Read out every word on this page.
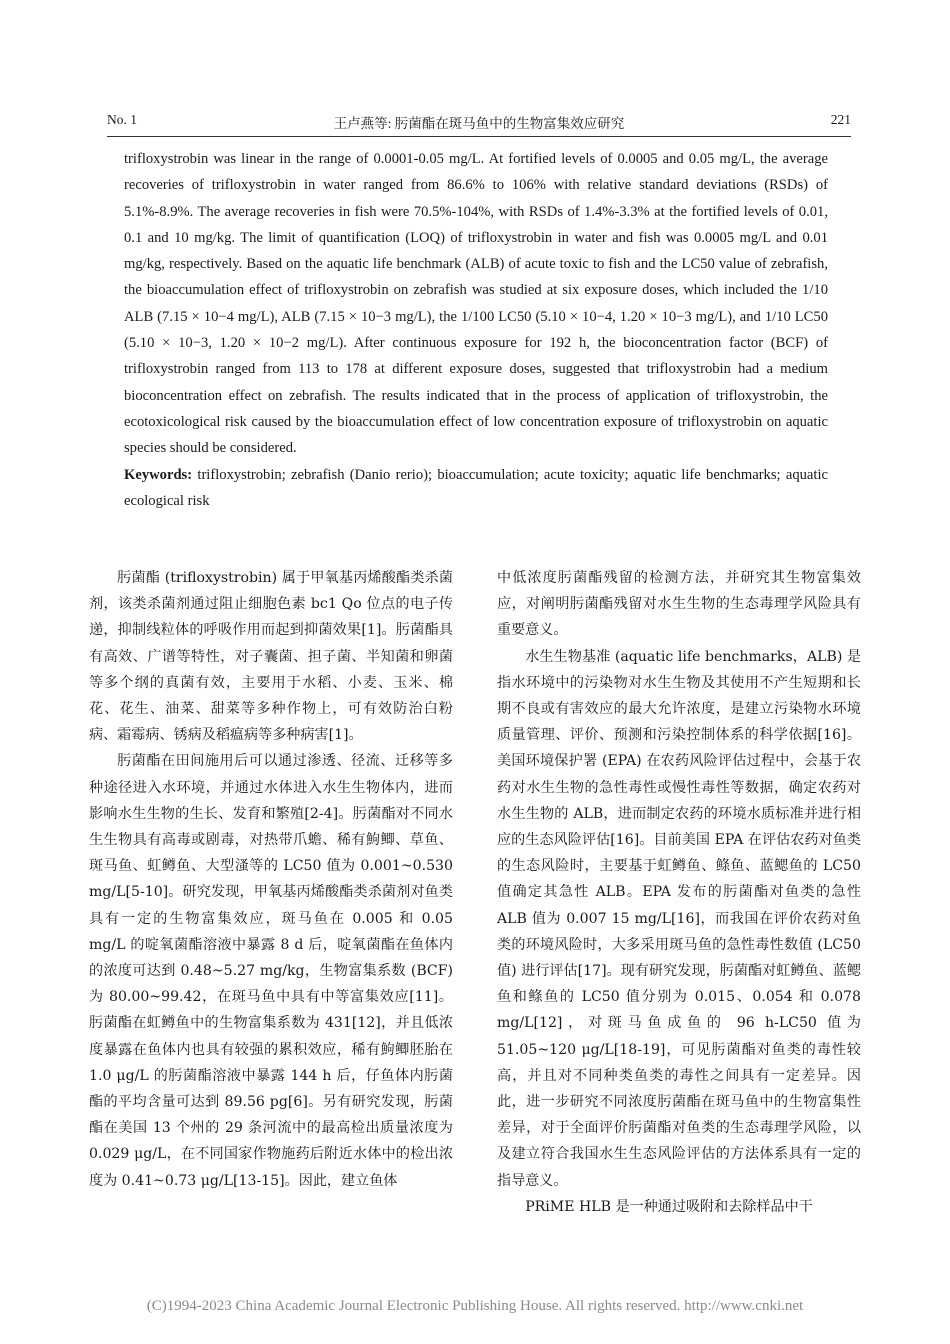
No. 1	王卢燕等: 肟菌酯在斑马鱼中的生物富集效应研究	221

trifloxystrobin was linear in the range of 0.0001-0.05 mg/L. At fortified levels of 0.0005 and 0.05 mg/L, the average recoveries of trifloxystrobin in water ranged from 86.6% to 106% with relative standard deviations (RSDs) of 5.1%-8.9%. The average recoveries in fish were 70.5%-104%, with RSDs of 1.4%-3.3% at the fortified levels of 0.01, 0.1 and 10 mg/kg. The limit of quantification (LOQ) of trifloxystrobin in water and fish was 0.0005 mg/L and 0.01 mg/kg, respectively. Based on the aquatic life benchmark (ALB) of acute toxic to fish and the LC50 value of zebrafish, the bioaccumulation effect of trifloxystrobin on zebrafish was studied at six exposure doses, which included the 1/10 ALB (7.15 × 10−4 mg/L), ALB (7.15 × 10−3 mg/L), the 1/100 LC50 (5.10 × 10−4, 1.20 × 10−3 mg/L), and 1/10 LC50 (5.10 × 10−3, 1.20 × 10−2 mg/L). After continuous exposure for 192 h, the bioconcentration factor (BCF) of trifloxystrobin ranged from 113 to 178 at different exposure doses, suggested that trifloxystrobin had a medium bioconcentration effect on zebrafish. The results indicated that in the process of application of trifloxystrobin, the ecotoxicological risk caused by the bioaccumulation effect of low concentration exposure of trifloxystrobin on aquatic species should be considered.

Keywords: trifloxystrobin; zebrafish (Danio rerio); bioaccumulation; acute toxicity; aquatic life benchmarks; aquatic ecological risk

肟菌酯 (trifloxystrobin) 属于甲氧基丙烯酸酯类杀菌剂，该类杀菌剂通过阻止细胞色素 bc1 Qo 位点的电子传递，抑制线粒体的呼吸作用而起到抑菌效果[1]。肟菌酯具有高效、广谱等特性，对子囊菌、担子菌、半知菌和卵菌等多个纲的真菌有效，主要用于水稻、小麦、玉米、棉花、花生、油菜、甜菜等多种作物上，可有效防治白粉病、霜霉病、锈病及稻瘟病等多种病害[1]。

肟菌酯在田间施用后可以通过渗透、径流、迁移等多种途径进入水环境，并通过水体进入水生生物体内，进而影响水生生物的生长、发育和繁殖[2-4]。肟菌酯对不同水生生物具有高毒或剧毒，对热带爪蟾、稀有鮈鲫、草鱼、斑马鱼、虹鳟鱼、大型溞等的 LC50 值为 0.001~0.530 mg/L[5-10]。研究发现，甲氧基丙烯酸酯类杀菌剂对鱼类具有一定的生物富集效应，斑马鱼在 0.005 和 0.05 mg/L 的啶氧菌酯溶液中暴露 8 d 后，啶氧菌酯在鱼体内的浓度可达到 0.48~5.27 mg/kg，生物富集系数 (BCF) 为 80.00~99.42，在斑马鱼中具有中等富集效应[11]。肟菌酯在虹鳟鱼中的生物富集系数为 431[12]，并且低浓度暴露在鱼体内也具有较强的累积效应，稀有鮈鲫胚胎在 1.0 μg/L 的肟菌酯溶液中暴露 144 h 后，仔鱼体内肟菌酯的平均含量可达到 89.56 pg[6]。另有研究发现，肟菌酯在美国 13 个州的 29 条河流中的最高检出质量浓度为 0.029 μg/L，在不同国家作物施药后附近水体中的检出浓度为 0.41~0.73 μg/L[13-15]。因此，建立鱼体

中低浓度肟菌酯残留的检测方法，并研究其生物富集效应，对阐明肟菌酯残留对水生生物的生态毒理学风险具有重要意义。

水生生物基准 (aquatic life benchmarks，ALB) 是指水环境中的污染物对水生生物及其使用不产生短期和长期不良或有害效应的最大允许浓度，是建立污染物水环境质量管理、评价、预测和污染控制体系的科学依据[16]。美国环境保护署 (EPA) 在农药风险评估过程中，会基于农药对水生生物的急性毒性或慢性毒性等数据，确定农药对水生生物的 ALB，进而制定农药的环境水质标准并进行相应的生态风险评估[16]。目前美国 EPA 在评估农药对鱼类的生态风险时，主要基于虹鳟鱼、鲦鱼、蓝鳃鱼的 LC50 值确定其急性 ALB。EPA 发布的肟菌酯对鱼类的急性 ALB 值为 0.007 15 mg/L[16]，而我国在评价农药对鱼类的环境风险时，大多采用斑马鱼的急性毒性数值 (LC50 值) 进行评估[17]。现有研究发现，肟菌酯对虹鳟鱼、蓝鳃鱼和鲦鱼的 LC50 值分别为 0.015、0.054 和 0.078 mg/L[12]，对斑马鱼成鱼的 96 h-LC50 值为 51.05~120 μg/L[18-19]，可见肟菌酯对鱼类的毒性较高，并且对不同种类鱼类的毒性之间具有一定差异。因此，进一步研究不同浓度肟菌酯在斑马鱼中的生物富集性差异，对于全面评价肟菌酯对鱼类的生态毒理学风险，以及建立符合我国水生生态风险评估的方法体系具有一定的指导意义。

PRiME HLB 是一种通过吸附和去除样品中干

(C)1994-2023 China Academic Journal Electronic Publishing House. All rights reserved. http://www.cnki.net
